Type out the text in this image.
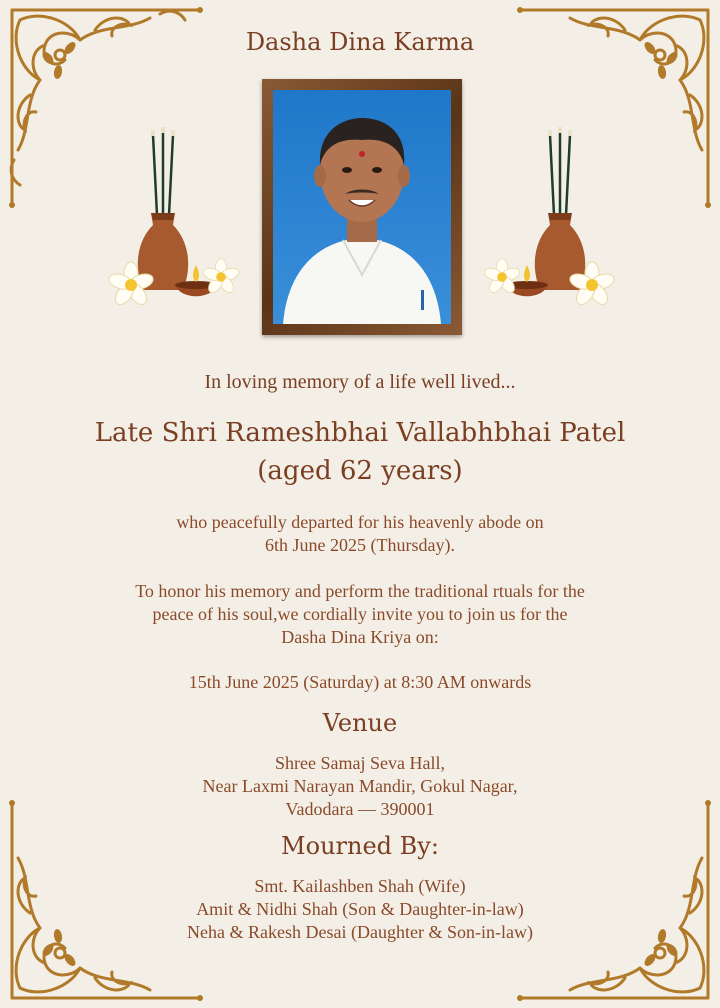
Dasha Dina Karma
In loving memory of a life well lived...
Late Shri Rameshbhai Vallabhbhai Patel
(aged 62 years)
who peacefully departed for his heavenly abode on
6th June 2025 (Thursday).
To honor his memory and perform the traditional rtuals for the
peace of his soul,we cordially invite you to join us for the
Dasha Dina Kriya on:
15th June 2025 (Saturday) at 8:30 AM onwards
Venue
Shree Samaj Seva Hall,
Near Laxmi Narayan Mandir, Gokul Nagar,
Vadodara — 390001
Mourned By:
Smt. Kailashben Shah (Wife)
Amit & Nidhi Shah (Son & Daughter-in-law)
Neha & Rakesh Desai (Daughter & Son-in-law)
